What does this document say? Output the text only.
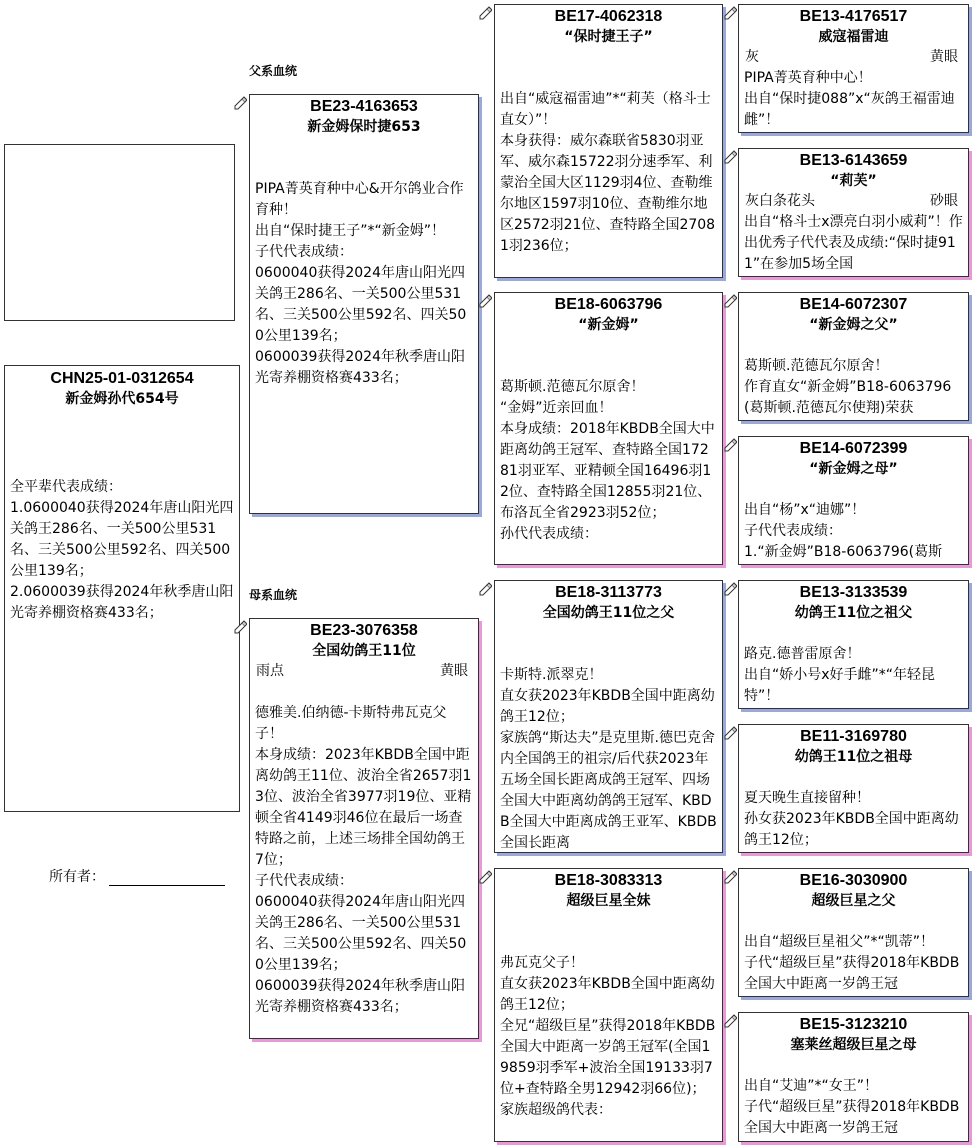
CHN25-01-0312654
新金姆孙代654号
全平辈代表成绩：
1.0600040获得2024年唐山阳光四关鸽王286名、一关500公里531名、三关500公里592名、四关500公里139名；
2.0600039获得2024年秋季唐山阳光寄养棚资格赛433名；
所有者：
父系血统
母系血统
BE23-4163653
新金姆保时捷653
PIPA菁英育种中心&开尔鸽业合作育种！
出自“保时捷王子”*“新金姆”！
子代代表成绩：
0600040获得2024年唐山阳光四关鸽王286名、一关500公里531名、三关500公里592名、四关500公里139名；
0600039获得2024年秋季唐山阳光寄养棚资格赛433名；
BE23-3076358
全国幼鸽王11位
雨点	黄眼
德雅美.伯纳德-卡斯特弗瓦克父子！
本身成绩：2023年KBDB全国中距离幼鸽王11位、波治全省2657羽13位、波治全省3977羽19位、亚精顿全省4149羽46位在最后一场查特路之前，上述三场排全国幼鸽王7位；
子代代表成绩：
0600040获得2024年唐山阳光四关鸽王286名、一关500公里531名、三关500公里592名、四关500公里139名；
0600039获得2024年秋季唐山阳光寄养棚资格赛433名；
BE17-4062318
“保时捷王子”
出自“威寇福雷迪”*“莉芙（格斗士直女）”！
本身获得：威尔森联省5830羽亚军、威尔森15722羽分速季军、利蒙治全国大区1129羽4位、查勒维尔地区1597羽10位、查勒维尔地区2572羽21位、查特路全国27081羽236位；
BE18-6063796
“新金姆”
葛斯顿.范德瓦尔原舍！
“金姆”近亲回血！
本身成绩：2018年KBDB全国大中距离幼鸽王冠军、查特路全国17281羽亚军、亚精顿全国16496羽12位、查特路全国12855羽21位、布洛瓦全省2923羽52位；
孙代代表成绩：
BE18-3113773
全国幼鸽王11位之父
卡斯特.派翠克！
直女获2023年KBDB全国中距离幼鸽王12位；
家族鸽“斯达夫”是克里斯.德巴克舍内全国鸽王的祖宗/后代获2023年五场全国长距离成鸽王冠军、四场全国大中距离幼鸽鸽王冠军、KBDB全国大中距离成鸽王亚军、KBDB全国长距离
BE18-3083313
超级巨星全妹
弗瓦克父子！
直女获2023年KBDB全国中距离幼鸽王12位；
全兄“超级巨星”获得2018年KBDB全国大中距离一岁鸽王冠军(全国19859羽季军+波治全国19133羽7位+查特路全男12942羽66位)；
家族超级鸽代表：
BE13-4176517
威寇福雷迪
灰	黄眼
PIPA菁英育种中心！
出自“保时捷088”x“灰鸽王福雷迪雌”！
BE13-6143659
“莉芙”
灰白条花头	砂眼
出自“格斗士x漂亮白羽小威莉”！作出优秀子代代表及成绩:“保时捷911”在参加5场全国
BE14-6072307
“新金姆之父”
葛斯顿.范德瓦尔原舍！
作育直女“新金姆”B18-6063796(葛斯顿.范德瓦尔使翔)荣获
BE14-6072399
“新金姆之母”
出自“杨”x“迪娜”！
子代代表成绩：
1.“新金姆”B18-6063796(葛斯
BE13-3133539
幼鸽王11位之祖父
路克.德普雷原舍！
出自“娇小号x好手雌”*“年轻昆特”！
BE11-3169780
幼鸽王11位之祖母
夏天晚生直接留种！
孙女获2023年KBDB全国中距离幼鸽王12位；
BE16-3030900
超级巨星之父
出自“超级巨星祖父”*“凯蒂”！
子代“超级巨星”获得2018年KBDB全国大中距离一岁鸽王冠
BE15-3123210
塞莱丝超级巨星之母
出自“艾迪”*“女王”！
子代“超级巨星”获得2018年KBDB全国大中距离一岁鸽王冠
